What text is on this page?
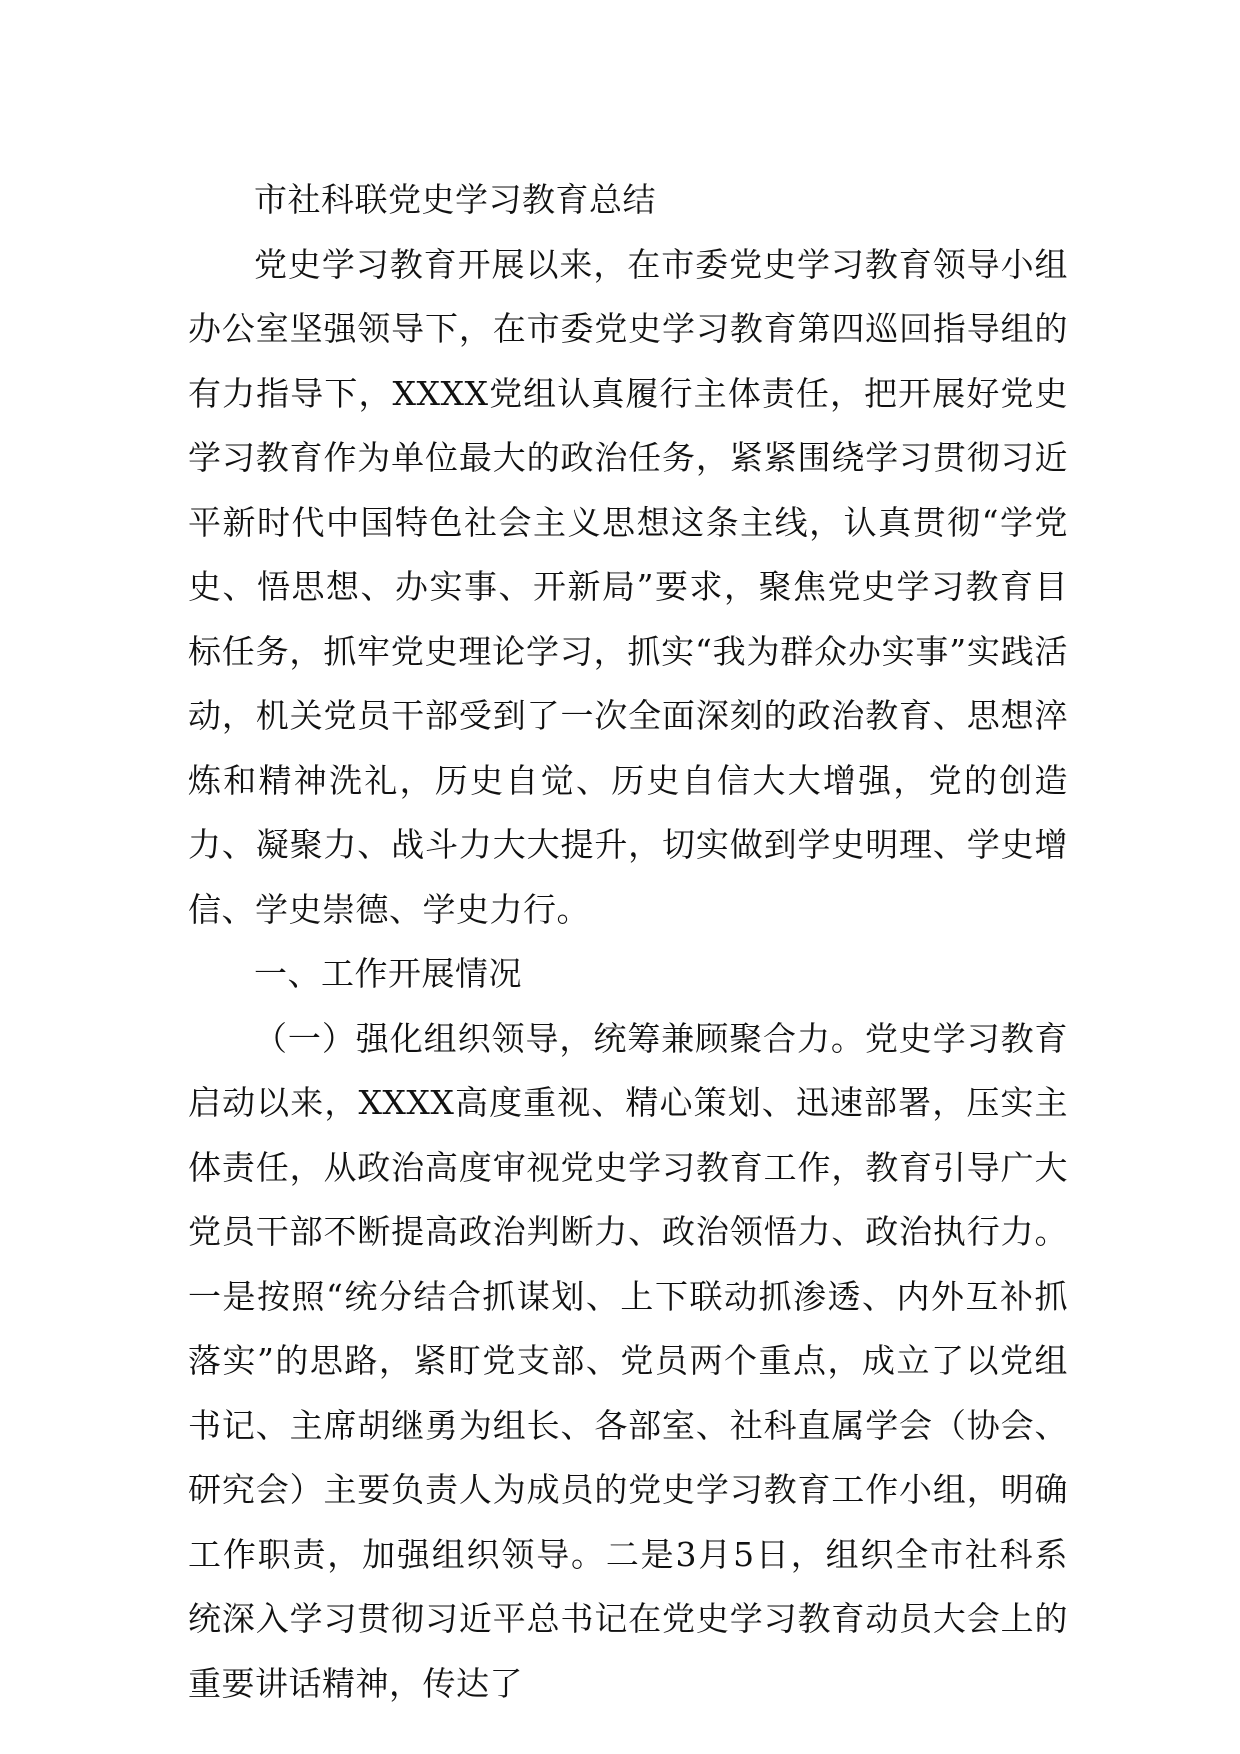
市社科联党史学习教育总结

党史学习教育开展以来，在市委党史学习教育领导小组办公室坚强领导下，在市委党史学习教育第四巡回指导组的有力指导下，XXXX党组认真履行主体责任，把开展好党史学习教育作为单位最大的政治任务，紧紧围绕学习贯彻习近平新时代中国特色社会主义思想这条主线，认真贯彻“学党史、悟思想、办实事、开新局”要求，聚焦党史学习教育目标任务，抓牢党史理论学习，抓实“我为群众办实事”实践活动，机关党员干部受到了一次全面深刻的政治教育、思想淬炼和精神洗礼，历史自觉、历史自信大大增强，党的创造力、凝聚力、战斗力大大提升，切实做到学史明理、学史增信、学史崇德、学史力行。

一、工作开展情况

（一）强化组织领导，统筹兼顾聚合力。党史学习教育启动以来，XXXX高度重视、精心策划、迅速部署，压实主体责任，从政治高度审视党史学习教育工作，教育引导广大党员干部不断提高政治判断力、政治领悟力、政治执行力。一是按照“统分结合抓谋划、上下联动抓渗透、内外互补抓落实”的思路，紧盯党支部、党员两个重点，成立了以党组书记、主席胡继勇为组长、各部室、社科直属学会（协会、研究会）主要负责人为成员的党史学习教育工作小组，明确工作职责，加强组织领导。二是3月5日，组织全市社科系统深入学习贯彻习近平总书记在党史学习教育动员大会上的重要讲话精神，传达了
